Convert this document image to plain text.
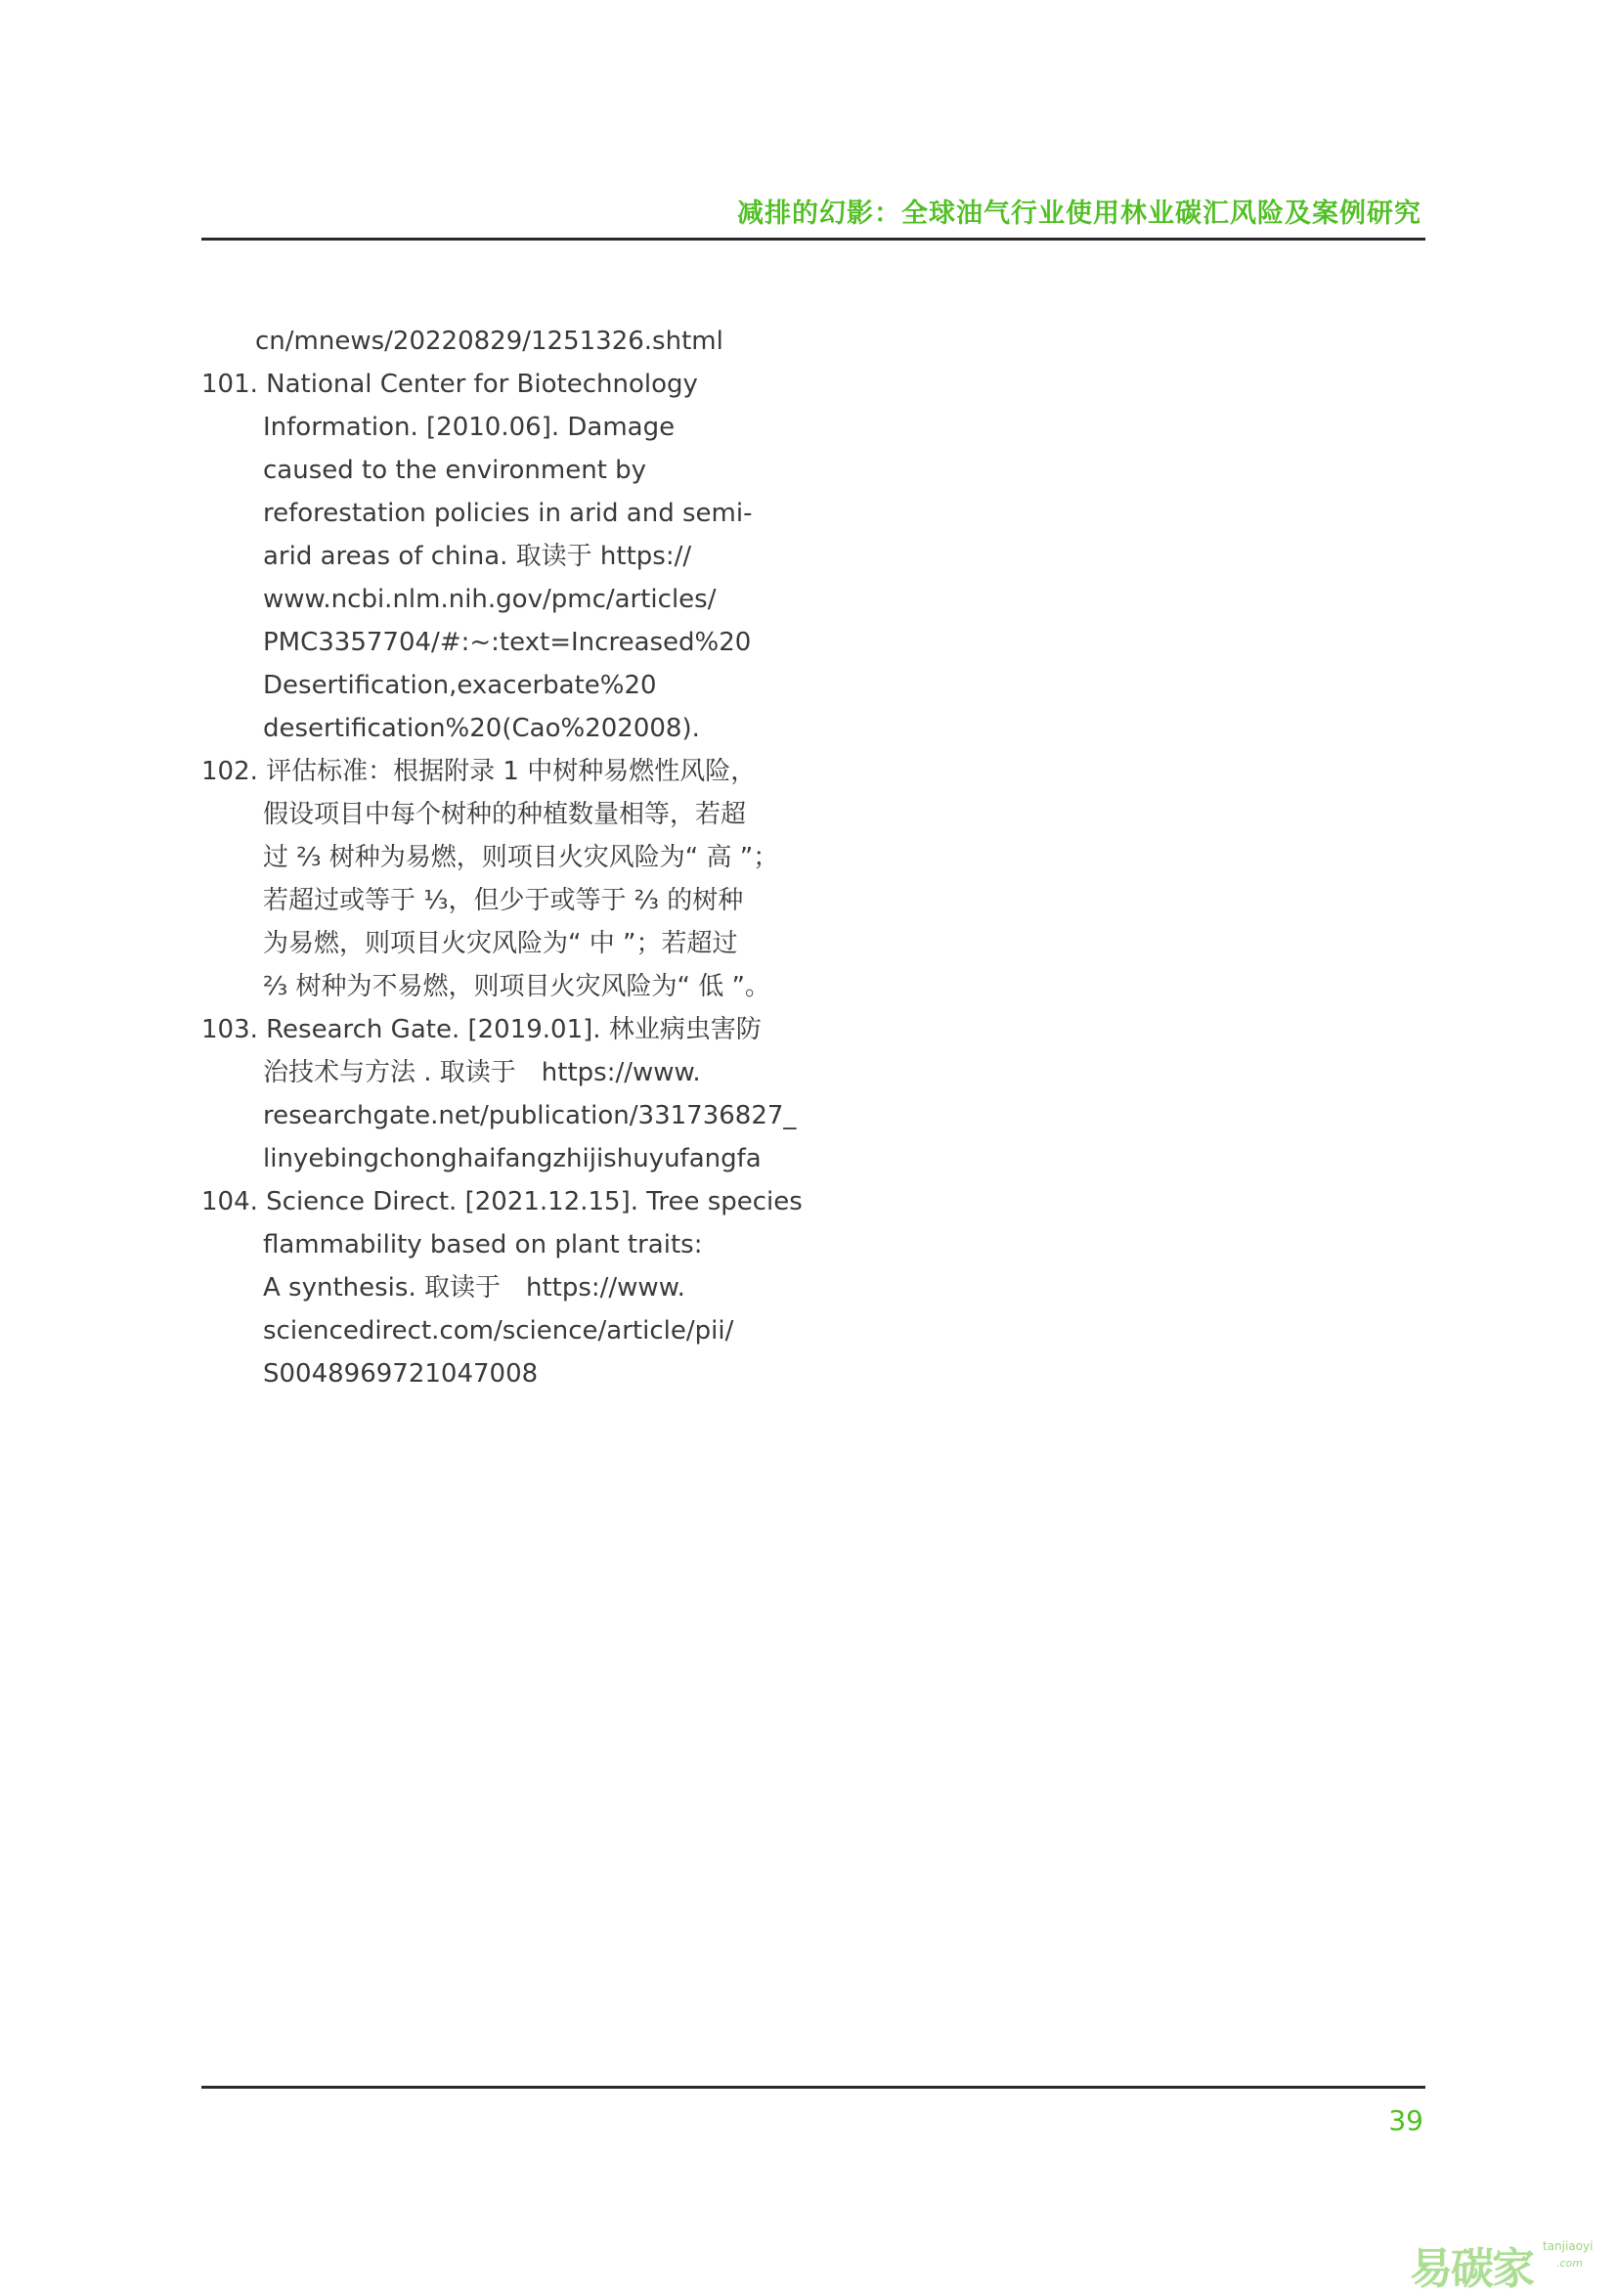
减排的幻影：全球油气行业使用林业碳汇风险及案例研究
cn/mnews/20220829/1251326.shtml
101. National Center for Biotechnology
Information. [2010.06]. Damage
caused to the environment by
reforestation policies in arid and semi-
arid areas of china. 取读于 https://
www.ncbi.nlm.nih.gov/pmc/articles/
PMC3357704/#:~:text=Increased%20
Desertification,exacerbate%20
desertification%20(Cao%202008).
102. 评估标准：根据附录 1 中树种易燃性风险，
假设项目中每个树种的种植数量相等，若超
过 ⅔ 树种为易燃，则项目火灾风险为“ 高 ”；
若超过或等于 ⅓，但少于或等于 ⅔ 的树种
为易燃，则项目火灾风险为“ 中 ”；若超过
⅔ 树种为不易燃，则项目火灾风险为“ 低 ”。
103. Research Gate. [2019.01]. 林业病虫害防
治技术与方法 . 取读于　https://www.
researchgate.net/publication/331736827_
linyebingchonghaifangzhijishuyufangfa
104. Science Direct. [2021.12.15]. Tree species
flammability based on plant traits:
A synthesis. 取读于　https://www.
sciencedirect.com/science/article/pii/
S0048969721047008
39
易碳家 tanjiaoyi
.com
